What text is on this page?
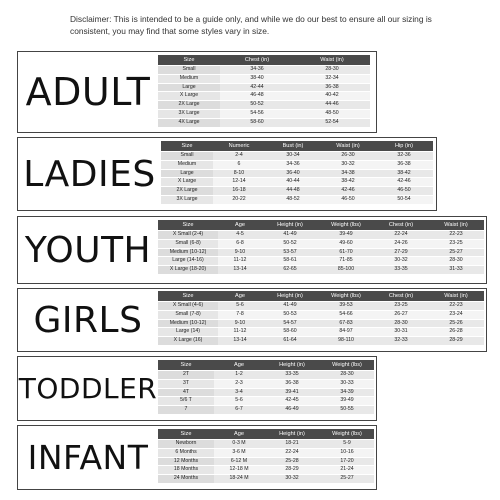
Disclaimer: This is intended to be a guide only, and while we do our best to ensure all our sizing is consistent, you may find that some styles vary in size.
ADULT
Size	Chest (in)	Waist (in)
Small	34-36	28-30
Medium	38-40	32-34
Large	42-44	36-38
X Large	46-48	40-42
2X Large	50-52	44-46
3X Large	54-56	48-50
4X Large	58-60	52-54
LADIES
Size	Numeric	Bust (in)	Waist (in)	Hip (in)
Small	2-4	30-34	26-30	32-36
Medium	6	34-36	30-32	36-38
Large	8-10	36-40	34-38	38-42
X Large	12-14	40-44	38-42	42-46
2X Large	16-18	44-48	42-46	46-50
3X Large	20-22	48-52	46-50	50-54
YOUTH
Size	Age	Height (in)	Weight (lbs)	Chest (in)	Waist (in)
X Small (2-4)	4-5	41-49	39-49	22-24	22-23
Small (6-8)	6-8	50-52	49-60	24-26	23-25
Medium (10-12)	9-10	53-57	61-70	27-29	25-27
Large (14-16)	11-12	58-61	71-85	30-32	28-30
X Large (18-20)	13-14	62-65	85-100	33-35	31-33
GIRLS
Size	Age	Height (in)	Weight (lbs)	Chest (in)	Waist (in)
X Small (4-6)	5-6	41-49	39-53	23-25	22-23
Small (7-8)	7-8	50-53	54-66	26-27	23-24
Medium (10-12)	9-10	54-57	67-83	28-30	25-26
Large (14)	11-12	58-60	84-97	30-31	26-28
X Large (16)	13-14	61-64	98-110	32-33	28-29
TODDLER
Size	Age	Height (in)	Weight (lbs)
2T	1-2	33-35	28-30
3T	2-3	36-38	30-33
4T	3-4	39-41	34-39
5/6 T	5-6	42-45	39-49
7	6-7	46-49	50-55
INFANT
Size	Age	Height (in)	Weight (lbs)
Newborn	0-3 M	18-21	5-9
6 Months	3-6 M	22-24	10-16
12 Months	6-12 M	25-28	17-20
18 Months	12-18 M	28-29	21-24
24 Months	18-24 M	30-32	25-27
